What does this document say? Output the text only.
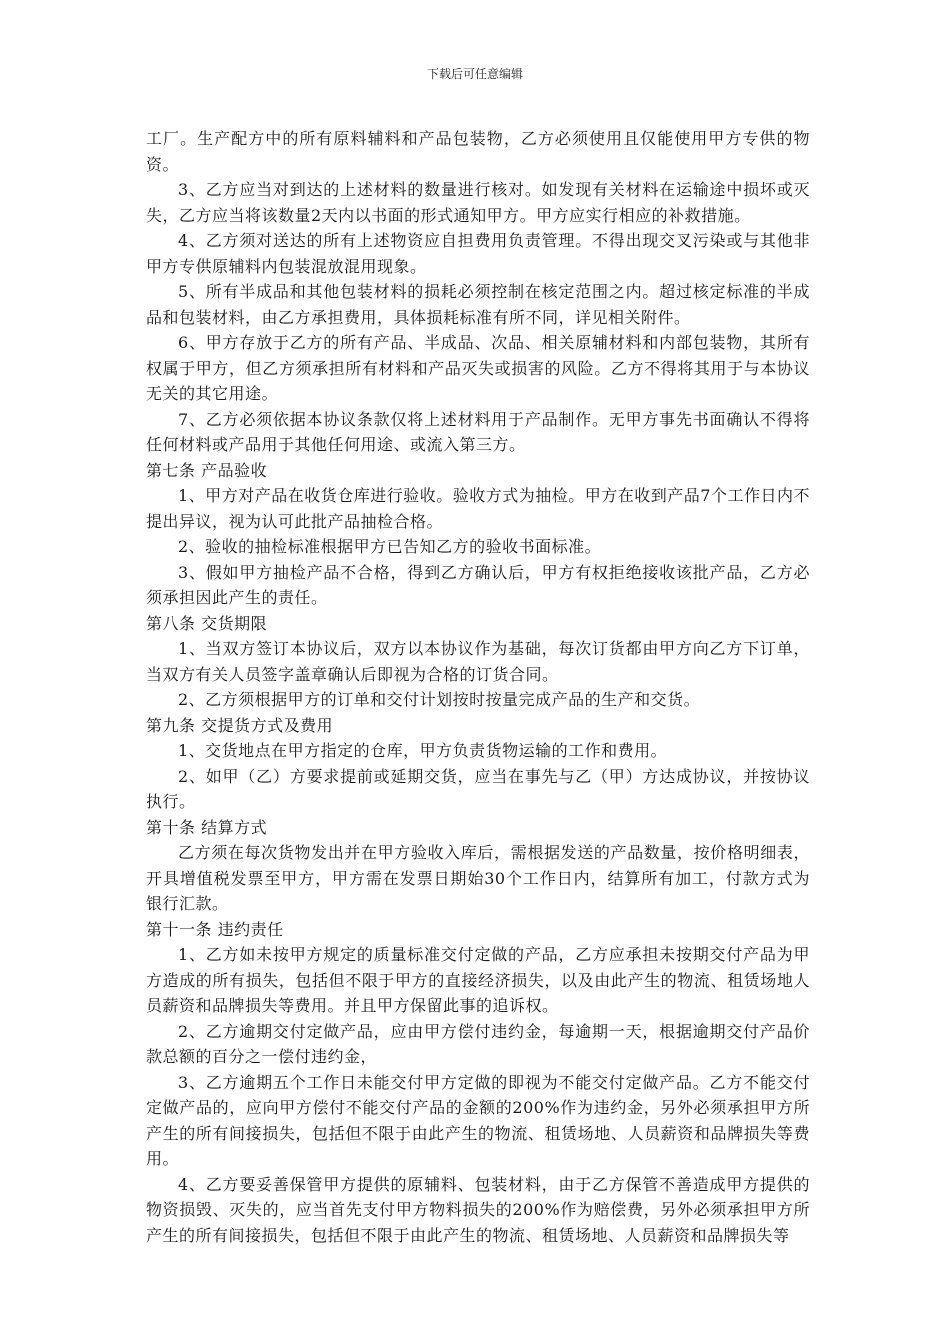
下载后可任意编辑

工厂。生产配方中的所有原料辅料和产品包装物，乙方必须使用且仅能使用甲方专供的物资。

3、乙方应当对到达的上述材料的数量进行核对。如发现有关材料在运输途中损坏或灭失，乙方应当将该数量2天内以书面的形式通知甲方。甲方应实行相应的补救措施。

4、乙方须对送达的所有上述物资应自担费用负责管理。不得出现交叉污染或与其他非甲方专供原辅料内包装混放混用现象。

5、所有半成品和其他包装材料的损耗必须控制在核定范围之内。超过核定标准的半成品和包装材料，由乙方承担费用，具体损耗标准有所不同，详见相关附件。

6、甲方存放于乙方的所有产品、半成品、次品、相关原辅材料和内部包装物，其所有权属于甲方，但乙方须承担所有材料和产品灭失或损害的风险。乙方不得将其用于与本协议无关的其它用途。

7、乙方必须依据本协议条款仅将上述材料用于产品制作。无甲方事先书面确认不得将任何材料或产品用于其他任何用途、或流入第三方。

第七条 产品验收

1、甲方对产品在收货仓库进行验收。验收方式为抽检。甲方在收到产品7个工作日内不提出异议，视为认可此批产品抽检合格。

2、验收的抽检标准根据甲方已告知乙方的验收书面标准。

3、假如甲方抽检产品不合格，得到乙方确认后，甲方有权拒绝接收该批产品，乙方必须承担因此产生的责任。

第八条 交货期限

1、当双方签订本协议后，双方以本协议作为基础，每次订货都由甲方向乙方下订单，当双方有关人员签字盖章确认后即视为合格的订货合同。

2、乙方须根据甲方的订单和交付计划按时按量完成产品的生产和交货。

第九条 交提货方式及费用

1、交货地点在甲方指定的仓库，甲方负责货物运输的工作和费用。

2、如甲（乙）方要求提前或延期交货，应当在事先与乙（甲）方达成协议，并按协议执行。

第十条 结算方式

乙方须在每次货物发出并在甲方验收入库后，需根据发送的产品数量，按价格明细表，开具增值税发票至甲方，甲方需在发票日期始30个工作日内，结算所有加工，付款方式为银行汇款。

第十一条 违约责任

1、乙方如未按甲方规定的质量标准交付定做的产品，乙方应承担未按期交付产品为甲方造成的所有损失，包括但不限于甲方的直接经济损失，以及由此产生的物流、租赁场地人员薪资和品牌损失等费用。并且甲方保留此事的追诉权。

2、乙方逾期交付定做产品，应由甲方偿付违约金，每逾期一天，根据逾期交付产品价款总额的百分之一偿付违约金，

3、乙方逾期五个工作日未能交付甲方定做的即视为不能交付定做产品。乙方不能交付定做产品的，应向甲方偿付不能交付产品的金额的200%作为违约金，另外必须承担甲方所产生的所有间接损失，包括但不限于由此产生的物流、租赁场地、人员薪资和品牌损失等费用。

4、乙方要妥善保管甲方提供的原辅料、包装材料，由于乙方保管不善造成甲方提供的物资损毁、灭失的，应当首先支付甲方物料损失的200%作为赔偿费，另外必须承担甲方所产生的所有间接损失，包括但不限于由此产生的物流、租赁场地、人员薪资和品牌损失等
